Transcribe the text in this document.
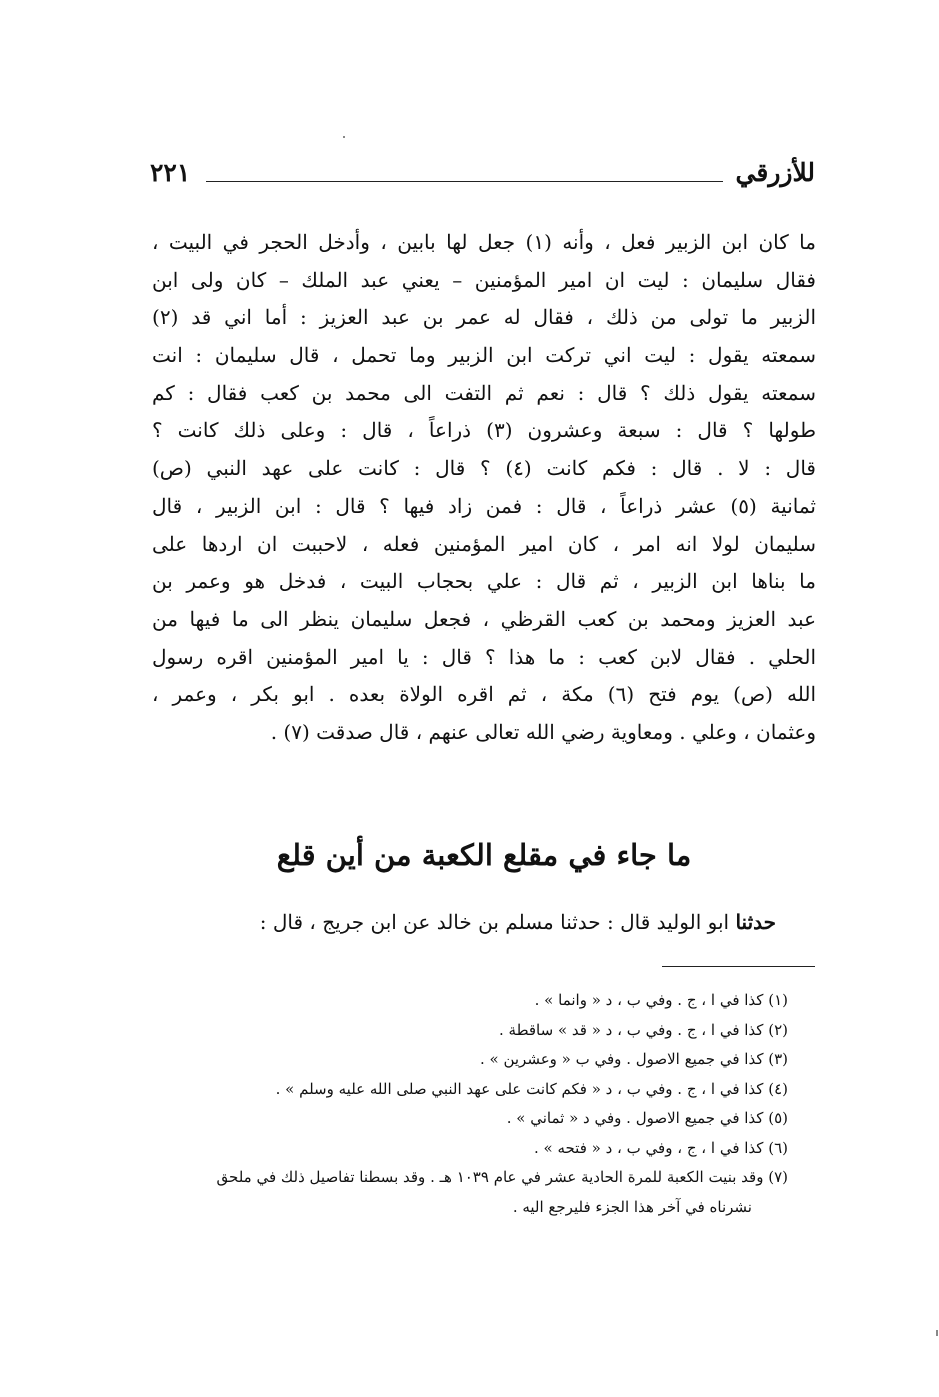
للأزرقي
٢٢١
ما كان ابن الزبير فعل ، وأنه (١) جعل لها بابين ، وأدخل الحجر في البيت ،
فقال سليمان : ليت ان امير المؤمنين – يعني عبد الملك – كان ولى ابن
الزبير ما تولى من ذلك ، فقال له عمر بن عبد العزيز : أما اني قد (٢)
سمعته يقول : ليت اني تركت ابن الزبير وما تحمل ، قال سليمان : انت
سمعته يقول ذلك ؟ قال : نعم ثم التفت الى محمد بن كعب فقال : كم
طولها ؟ قال : سبعة وعشرون (٣) ذراعاً ، قال : وعلى ذلك كانت ؟
قال : لا . قال : فكم كانت (٤) ؟ قال : كانت على عهد النبي (ص)
ثمانية (٥) عشر ذراعاً ، قال : فمن زاد فيها ؟ قال : ابن الزبير ، قال
سليمان لولا انه امر ، كان امير المؤمنين فعله ، لاحببت ان اردها على
ما بناها ابن الزبير ، ثم قال : علي بحجاب البيت ، فدخل هو وعمر بن
عبد العزيز ومحمد بن كعب القرظي ، فجعل سليمان ينظر الى ما فيها من
الحلي . فقال لابن كعب : ما هذا ؟ قال : يا امير المؤمنين اقره رسول
الله (ص) يوم فتح (٦) مكة ، ثم اقره الولاة بعده . ابو بكر ، وعمر ،
وعثمان ، وعلي . ومعاوية رضي الله تعالى عنهم ، قال صدقت (٧) .
ما جاء في مقلع الكعبة من أين قلع
حدثنا ابو الوليد قال : حدثنا مسلم بن خالد عن ابن جريج ، قال :
(١) كذا في ا ، ج . وفي ب ، د « وانما » .
(٢) كذا في ا ، ج . وفي ب ، د « قد » ساقطة .
(٣) كذا في جميع الاصول . وفي ب « وعشرين » .
(٤) كذا في ا ، ج . وفي ب ، د « فكم كانت على عهد النبي صلى الله عليه وسلم » .
(٥) كذا في جميع الاصول . وفي د « ثماني » .
(٦) كذا في ا ، ج ، وفي ب ، د « فتحه » .
(٧) وقد بنيت الكعبة للمرة الحادية عشر في عام ١٠٣٩ هـ . وقد بسطنا تفاصيل ذلك في ملحق
نشرناه في آخر هذا الجزء فليرجع اليه .
